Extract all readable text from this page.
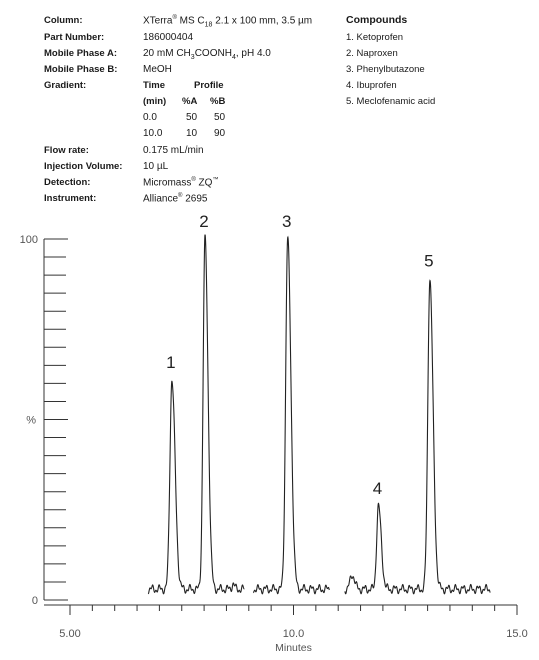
Column:	XTerra® MS $C_{18}$ 2.1 x 100 mm, 3.5 µm
Part Number:	186000404
Mobile Phase A:	20 mM $CH_3COONH_4$, pH 4.0
Mobile Phase B:	MeOH
Gradient:	Time	Profile
(min) %A %B
0.0	50 50
10.0 10 90
Flow rate:	0.175 mL/min
Injection Volume: 10 µL
Detection:	Micromass® ZQ™
Instrument:	Alliance® 2695
Compounds
1. Ketoprofen
2. Naproxen
3. Phenylbutazone
4. Ibuprofen
5. Meclofenamic acid
100
0
%
5.00	10.0	15.0
Minutes
1
2	3
4
5
